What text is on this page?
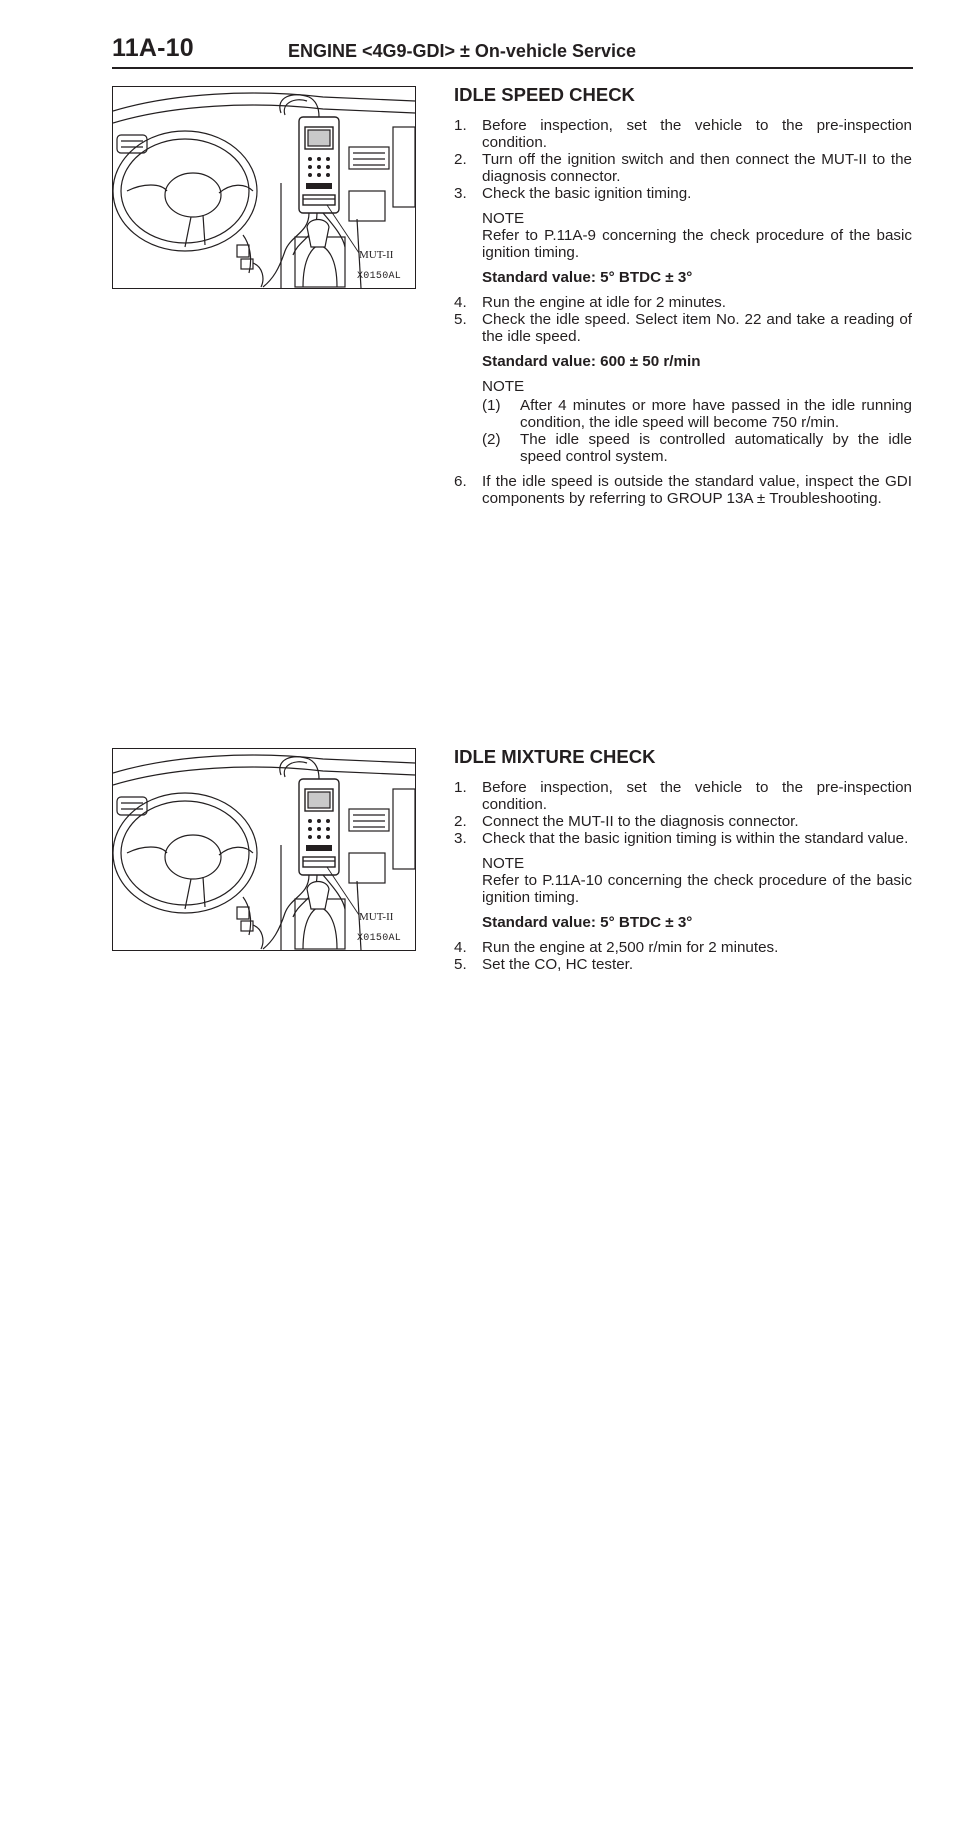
11A-10	ENGINE <4G9-GDI> ± On-vehicle Service
MUT-II
X0150AL
MUT-II
X0150AL
IDLE SPEED CHECK
1. Before inspection, set the vehicle to the pre-inspection condition.
2. Turn off the ignition switch and then connect the MUT-II to the diagnosis connector.
3. Check the basic ignition timing.
NOTE
Refer to P.11A-9 concerning the check procedure of the basic ignition timing.
Standard value: 5° BTDC ± 3°
4. Run the engine at idle for 2 minutes.
5. Check the idle speed. Select item No. 22 and take a reading of the idle speed.
Standard value: 600 ± 50 r/min
NOTE
(1) After 4 minutes or more have passed in the idle running condition, the idle speed will become 750 r/min.
(2) The idle speed is controlled automatically by the idle speed control system.
6. If the idle speed is outside the standard value, inspect the GDI components by referring to GROUP 13A ± Troubleshooting.
IDLE MIXTURE CHECK
1. Before inspection, set the vehicle to the pre-inspection condition.
2. Connect the MUT-II to the diagnosis connector.
3. Check that the basic ignition timing is within the standard value.
NOTE
Refer to P.11A-10 concerning the check procedure of the basic ignition timing.
Standard value: 5° BTDC ± 3°
4. Run the engine at 2,500 r/min for 2 minutes.
5. Set the CO, HC tester.
